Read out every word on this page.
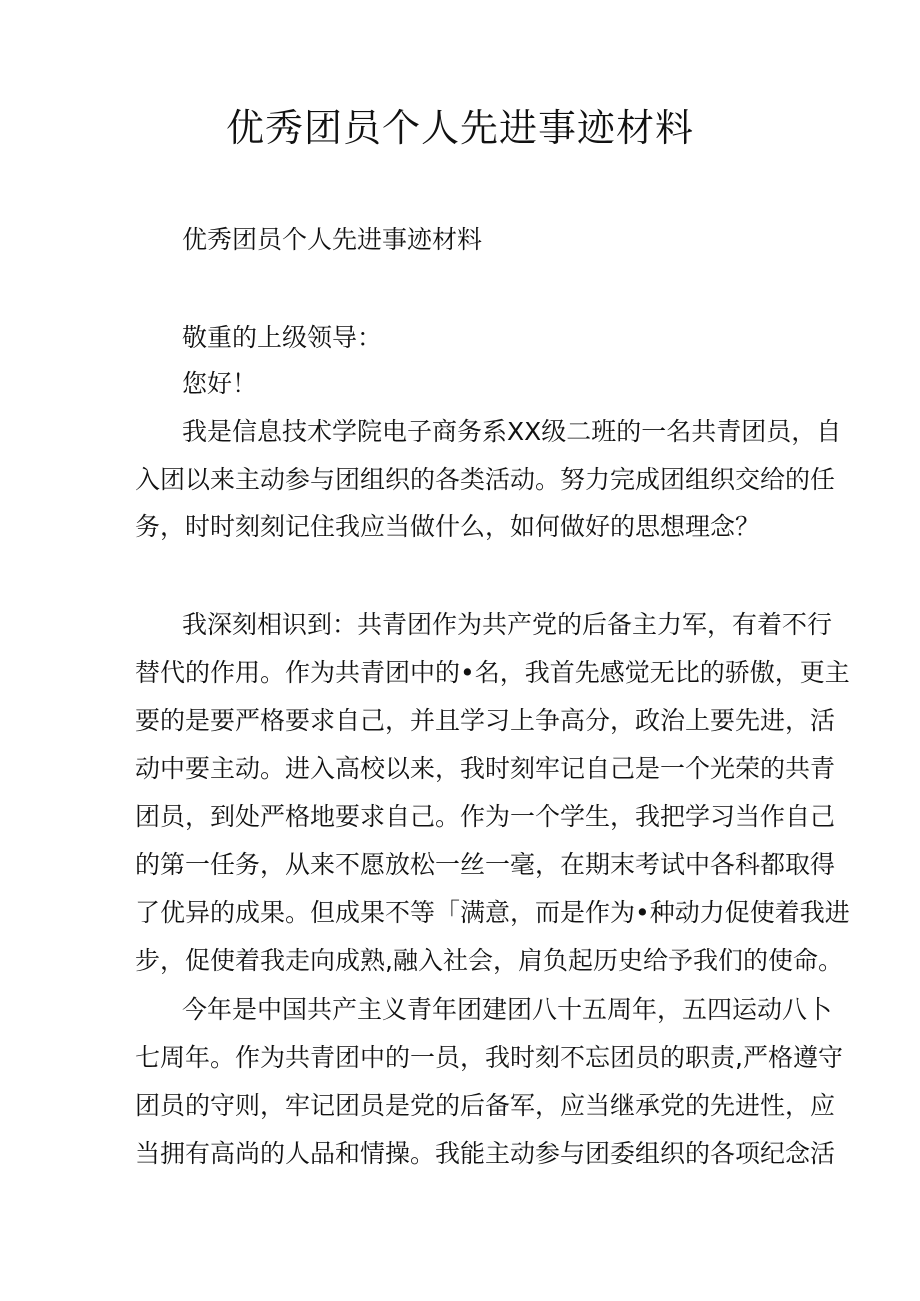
优秀团员个人先进事迹材料
优秀团员个人先进事迹材料
敬重的上级领导：
您好！
我是信息技术学院电子商务系XX级二班的一名共青团员，自
入团以来主动参与团组织的各类活动。努力完成团组织交给的任
务，时时刻刻记住我应当做什么，如何做好的思想理念？
我深刻相识到：共青团作为共产党的后备主力军，有着不行
替代的作用。作为共青团中的•名，我首先感觉无比的骄傲，更主
要的是要严格要求自己，并且学习上争高分，政治上要先进，活
动中要主动。进入高校以来，我时刻牢记自己是一个光荣的共青
团员，到处严格地要求自己。作为一个学生，我把学习当作自己
的第一任务，从来不愿放松一丝一毫，在期末考试中各科都取得
了优异的成果。但成果不等「满意，而是作为•种动力促使着我进
步，促使着我走向成熟,融入社会，肩负起历史给予我们的使命。
今年是中国共产主义青年团建团八十五周年，五四运动八卜
七周年。作为共青团中的一员，我时刻不忘团员的职责,严格遵守
团员的守则，牢记团员是党的后备军，应当继承党的先进性，应
当拥有高尚的人品和情操。我能主动参与团委组织的各项纪念活
